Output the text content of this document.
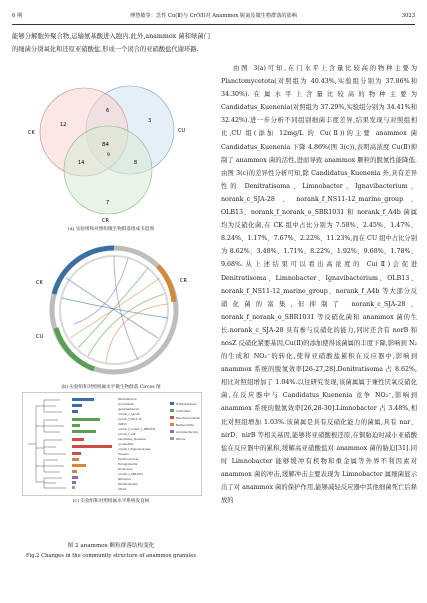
6 期	傅慧敏等：急性 Cu(Ⅱ)与 Cr(Ⅵ)对 Anammox 脱氮及微生物群落的影响	3023

能够分解胞外聚合物,运输氨基酸进入胞内.此外,anammox 菌和绿菌门的细菌分别氧化和还原亚硝酸盐,形成一个闭合的亚硝酸盐代谢环路.

CU
CK
CR
3
12
7
6
8
14
84
9
(a) 实验组和对照组微生物群落组成韦恩图
CK
CU
CR
(b) 实验组和对照组属水平微生物群落 Circos 图
Denitratisoma
Limnobacter
Ignavibacterium
norank_c_SJA-28
norank_f_NS11-12
OLB13
norank_f_norank_o_SBR1031
norank_f_A4b
Candidatus_Kuenenia
unclassified
norank_f_Saprospiraceae
Thauera
Dechloromonas
Ferruginibacter
Terrimonas
norank_o_SBR1031
Nitrospira
Rhodanobacter
others
Proteobacteria
Chloroflexi
Planctomycetota
Bacteroidota
Acidobacteriota
Others
(c) 实验组和对照组属水平系统发育树
图 2 anammox 颗粒群落结构变化
Fig.2 Changes in the community structure of anammox granules

由图 3(a)可知,在门水平上含量比较高的物种主要为 Planctomycetota(对照组为 40.43%,实验组分别为 37.86%和 34.30%).在属水平上含量比较高的物种主要为 Candidatus_Kuenenia(对照组为 37.29%,实验组分别为 34.41%和 32.42%).进一步分析不同组别细菌丰度差异,结果发现与对照组相比,CU 组(添加 12mg/L 的 Cu(Ⅱ))的主要 anammox 菌 Candidatus_Kuenenia 下降 4.86%(图 3(c)),表明高浓度 Cu(Ⅱ)抑制了 anammox 菌的活性,进而导致 anammox 颗粒的脱氮性能降低.由图 3(c)的差异性分析可知,除 Candidatus_Kuenenia 外,具有差异性的 Denitratisoma、Limnobacter、Ignavibacterium、norank_c_SJA-28、norank_f_NS11-12_marine_group、OLB13、norank_f_norank_o_SBR1031 和 norank_f_A4b 菌属均为反硝化菌,在 CK 组中占比分别为 7.58%、2.45%、1.47%、8.24%、1.17%、7.67%、2.22%、11.23%,而在 CU 组中占比分别为 8.62%、3.48%、1.71%、8.22%、1.92%、9.68%、1.78%、9.68%.从上述结果可以看出高浓度的 Cu(Ⅱ)会促进 Denitratisoma、Limnobacter、Ignavibacterium、OLB13、norank_f_NS11-12_marine_group、norank_f_A4b 等大部分反硝化菌的富集,但抑制了 norank_c_SJA-28、norank_f_norank_o_SBR1031 等反硝化菌和 anammox 菌的生长.norank_c_SJA-28 具有参与反硝化的能力,同时还含有 norB 和 nosZ 反硝化紧要基因,Cu(Ⅱ)的添加使得该菌属的丰度下降,影响到 N₂ 的生成和 NO₃⁻的转化,使得亚硝酸盐累积在反应器中,影响到 anammox 系统的脱氮效率[26-27,28].Denitratisoma 占 8.62%,相比对照组增加了 1.04%.以往研究发现,该菌属属于兼性厌氧反硝化菌,在反应器中与 Candidatus_Kuenenia 竞争 NO₂⁻,影响到 anammox 系统的脱氮效率[26,28-30].Limnobacter 占 3.48%,相比对照组增加 1.03%.该菌属是具有反硝化能力的菌属,具有 nar、nirD、nirB 等相关基因,能够将亚硝酸根还原,在铜胁迫时减小亚硝酸盐在反应器中的累积,缓解高亚硝酸盐对 anammox 菌的胁迫[31].同时 Limnobacter 能够缓冲有机物和重金属等外界不利因素对 anammox 菌的冲击,缓解冲击主要表现为 Limnobacter 属细菌显示出了对 anammox 菌的保护作用,能够减轻反应器中其他细菌死亡后释放的
